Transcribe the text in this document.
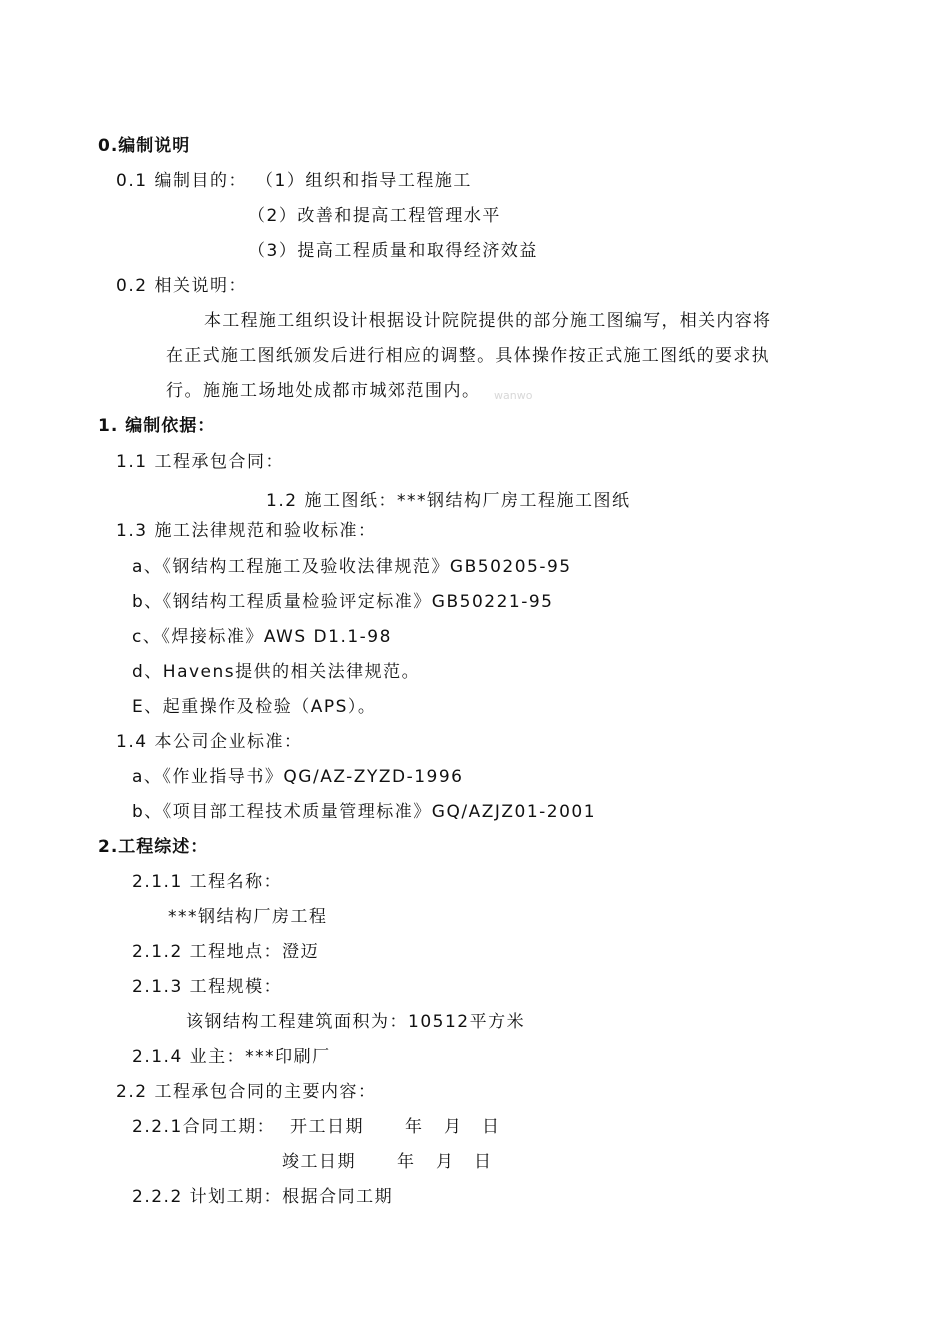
0.编制说明
0.1 编制目的： （1）组织和指导工程施工
（2）改善和提高工程管理水平
（3）提高工程质量和取得经济效益
0.2 相关说明：
本工程施工组织设计根据设计院院提供的部分施工图编写，相关内容将
在正式施工图纸颁发后进行相应的调整。具体操作按正式施工图纸的要求执
行。施施工场地处成都市城郊范围内。 wanwo
1. 编制依据：
1.1 工程承包合同：
1.2 施工图纸：***钢结构厂房工程施工图纸
1.3 施工法律规范和验收标准：
a、《钢结构工程施工及验收法律规范》GB50205-95
b、《钢结构工程质量检验评定标准》GB50221-95
c、《焊接标准》AWS D1.1-98
d、Havens提供的相关法律规范。
E、起重操作及检验（APS）。
1.4 本公司企业标准：
a、《作业指导书》QG/AZ-ZYZD-1996
b、《项目部工程技术质量管理标准》GQ/AZJZ01-2001
2.工程综述：
2.1.1 工程名称：
***钢结构厂房工程
2.1.2 工程地点：澄迈
2.1.3 工程规模：
该钢结构工程建筑面积为：10512平方米
2.1.4 业主：***印刷厂
2.2 工程承包合同的主要内容：
2.2.1合同工期： 开工日期 年 月 日
竣工日期 年 月 日
2.2.2 计划工期：根据合同工期
